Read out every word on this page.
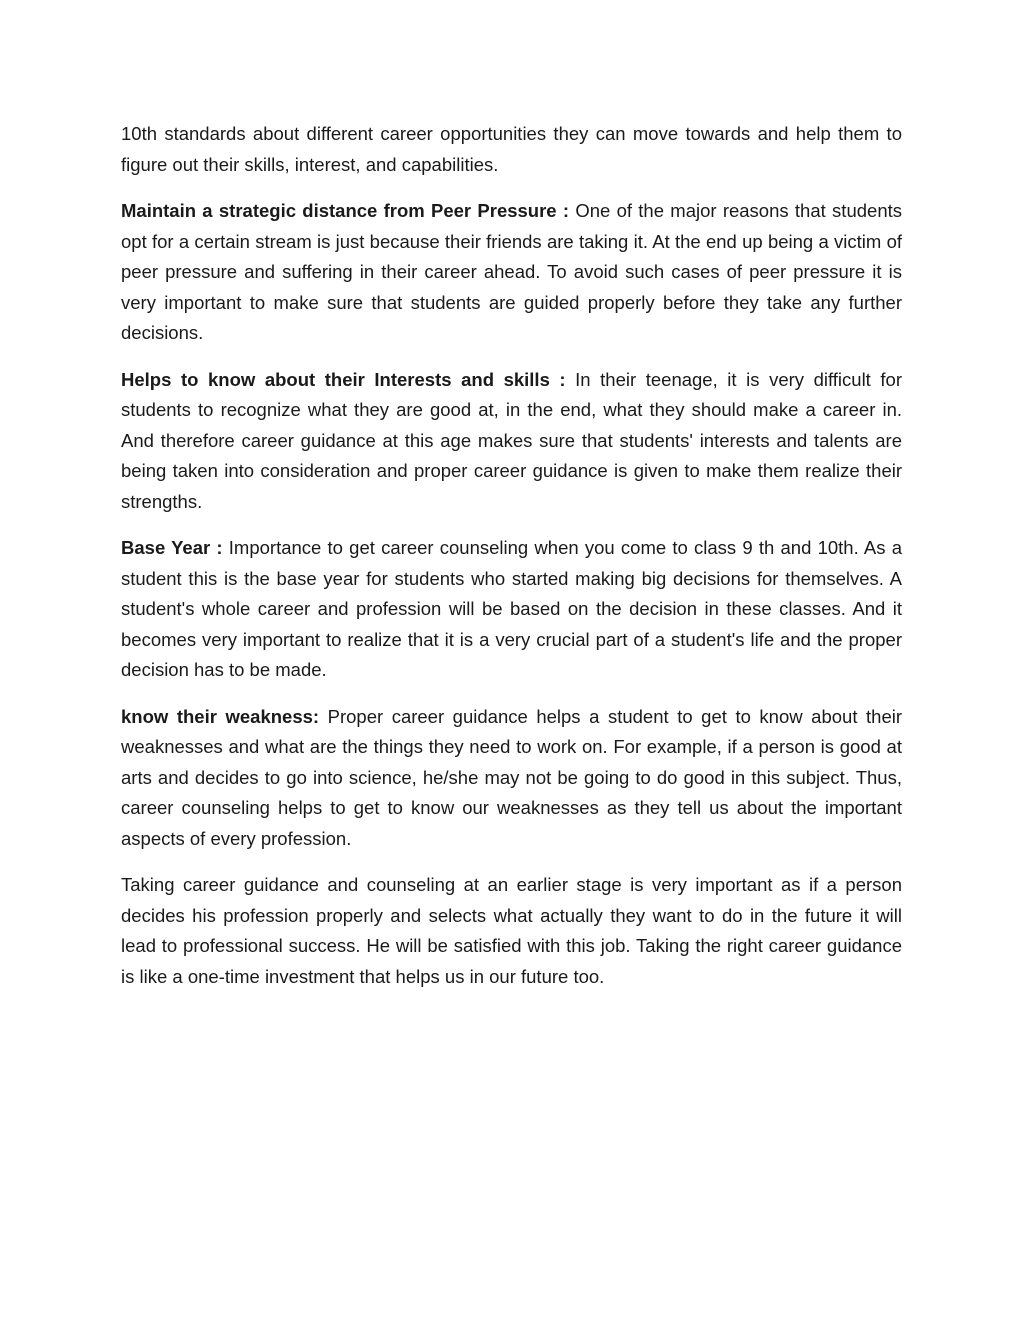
10th standards about different career opportunities they can move towards and help them to figure out their skills, interest, and capabilities.

Maintain a strategic distance from Peer Pressure : One of the major reasons that students opt for a certain stream is just because their friends are taking it. At the end up being a victim of peer pressure and suffering in their career ahead. To avoid such cases of peer pressure it is very important to make sure that students are guided properly before they take any further decisions.

Helps to know about their Interests and skills : In their teenage, it is very difficult for students to recognize what they are good at, in the end, what they should make a career in. And therefore career guidance at this age makes sure that students' interests and talents are being taken into consideration and proper career guidance is given to make them realize their strengths.

Base Year : Importance to get career counseling when you come to class 9 th and 10th. As a student this is the base year for students who started making big decisions for themselves. A student's whole career and profession will be based on the decision in these classes. And it becomes very important to realize that it is a very crucial part of a student's life and the proper decision has to be made.

know their weakness: Proper career guidance helps a student to get to know about their weaknesses and what are the things they need to work on. For example, if a person is good at arts and decides to go into science, he/she may not be going to do good in this subject. Thus, career counseling helps to get to know our weaknesses as they tell us about the important aspects of every profession.

Taking career guidance and counseling at an earlier stage is very important as if a person decides his profession properly and selects what actually they want to do in the future it will lead to professional success. He will be satisfied with this job. Taking the right career guidance is like a one-time investment that helps us in our future too.
